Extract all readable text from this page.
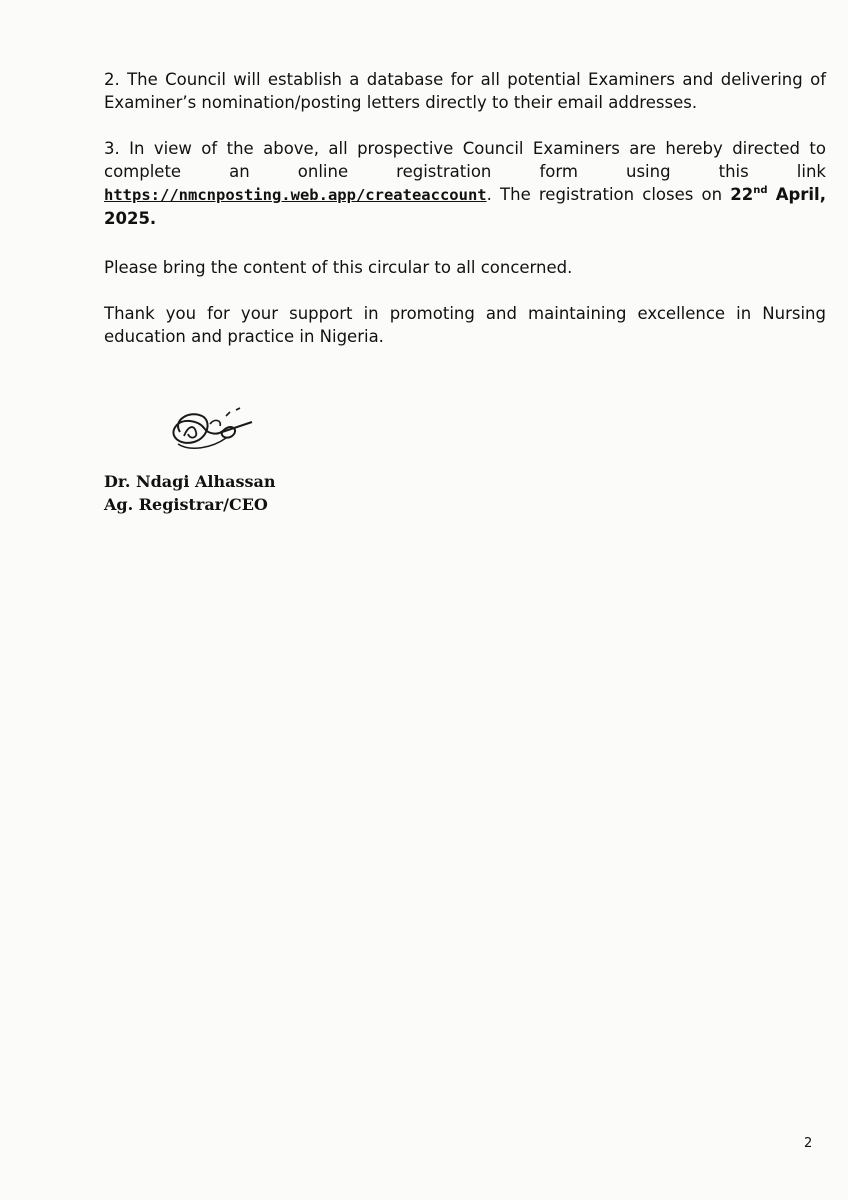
2. The Council will establish a database for all potential Examiners and delivering of Examiner’s nomination/posting letters directly to their email addresses.

3. In view of the above, all prospective Council Examiners are hereby directed to complete an online registration form using this link https://nmcnposting.web.app/createaccount. The registration closes on 22nd April, 2025.

Please bring the content of this circular to all concerned.

Thank you for your support in promoting and maintaining excellence in Nursing education and practice in Nigeria.

Dr. Ndagi Alhassan
Ag. Registrar/CEO
2
